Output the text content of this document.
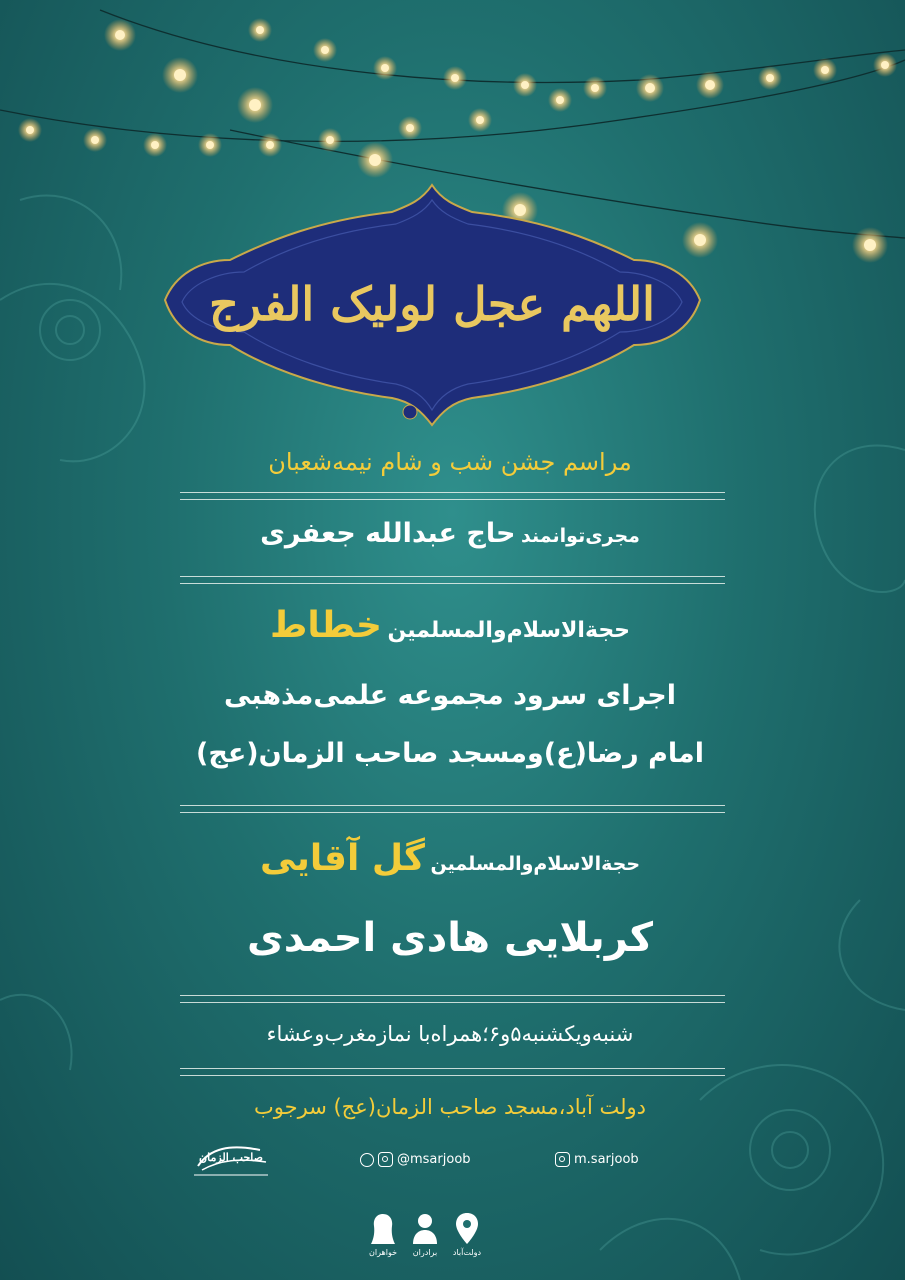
اللهم عجل لولیک الفرج
مراسم جشن شب و شام نیمه‌شعبان
مجری‌توانمند حاج عبدالله جعفری
حجة‌الاسلام‌والمسلمین خطاط
اجرای سرود مجموعه علمی‌مذهبی
امام رضا(ع)ومسجد صاحب الزمان(عج)
حجة‌الاسلام‌والمسلمین گل آقایی
کربلایی هادی احمدی
شنبه‌ویکشنبه۵و۶؛همراه‌با نمازمغرب‌وعشاء
دولت آباد،مسجد صاحب الزمان(عج) سرجوب
صاحب الزمان	@msarjoob	m.sarjoob
خواهران	برادران	دولت‌آباد
